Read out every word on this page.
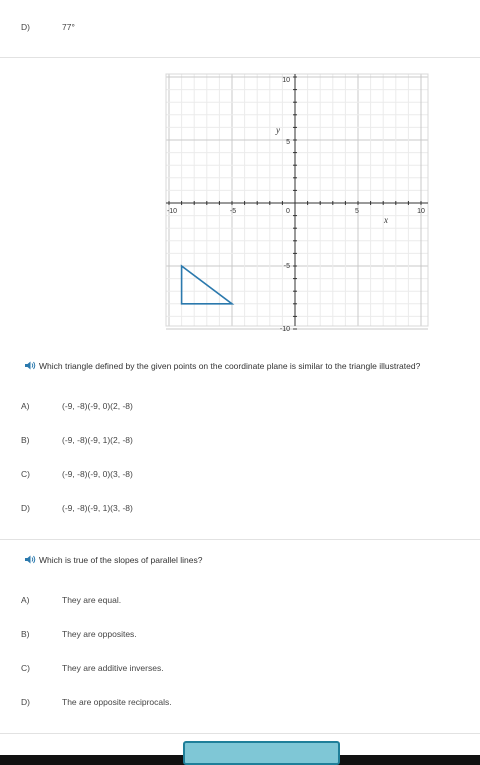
D)	77°
-10	-5	0	5	10
10
5
-5
-10
y
x
Which triangle defined by the given points on the coordinate plane is similar to the triangle illustrated?
A)	(-9, -8)(-9, 0)(2, -8)
B)	(-9, -8)(-9, 1)(2, -8)
C)	(-9, -8)(-9, 0)(3, -8)
D)	(-9, -8)(-9, 1)(3, -8)
Which is true of the slopes of parallel lines?
A)	They are equal.
B)	They are opposites.
C)	They are additive inverses.
D)	The are opposite reciprocals.
